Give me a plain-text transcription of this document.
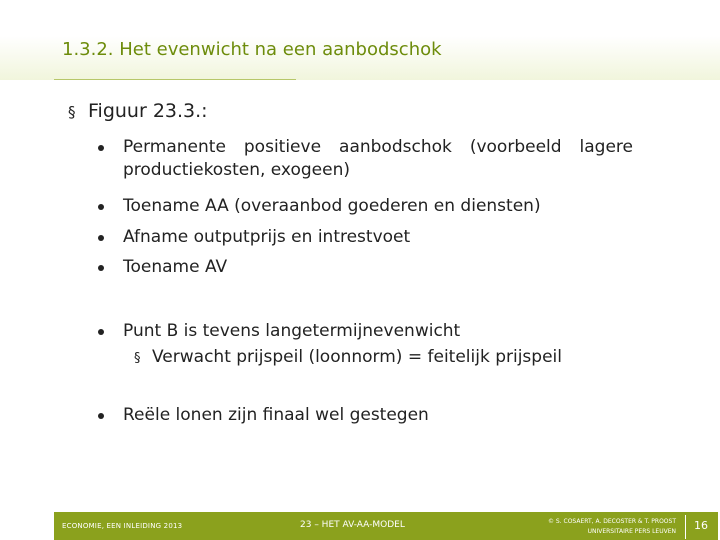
1.3.2. Het evenwicht na een aanbodschok
§ Figuur 23.3.:
Permanente positieve aanbodschok (voorbeeld lagere productiekosten, exogeen)
Toename AA (overaanbod goederen en diensten)
Afname outputprijs en intrestvoet
Toename AV
Punt B is tevens langetermijnevenwicht
Reële lonen zijn finaal wel gestegen
§ Verwacht prijspeil (loonnorm) = feitelijk prijspeil
ECONOMIE, EEN INLEIDING 2013	23 – HET AV-AA-MODEL	© S. COSAERT, A. DECOSTER & T. PROOST
UNIVERSITAIRE PERS LEUVEN 16
